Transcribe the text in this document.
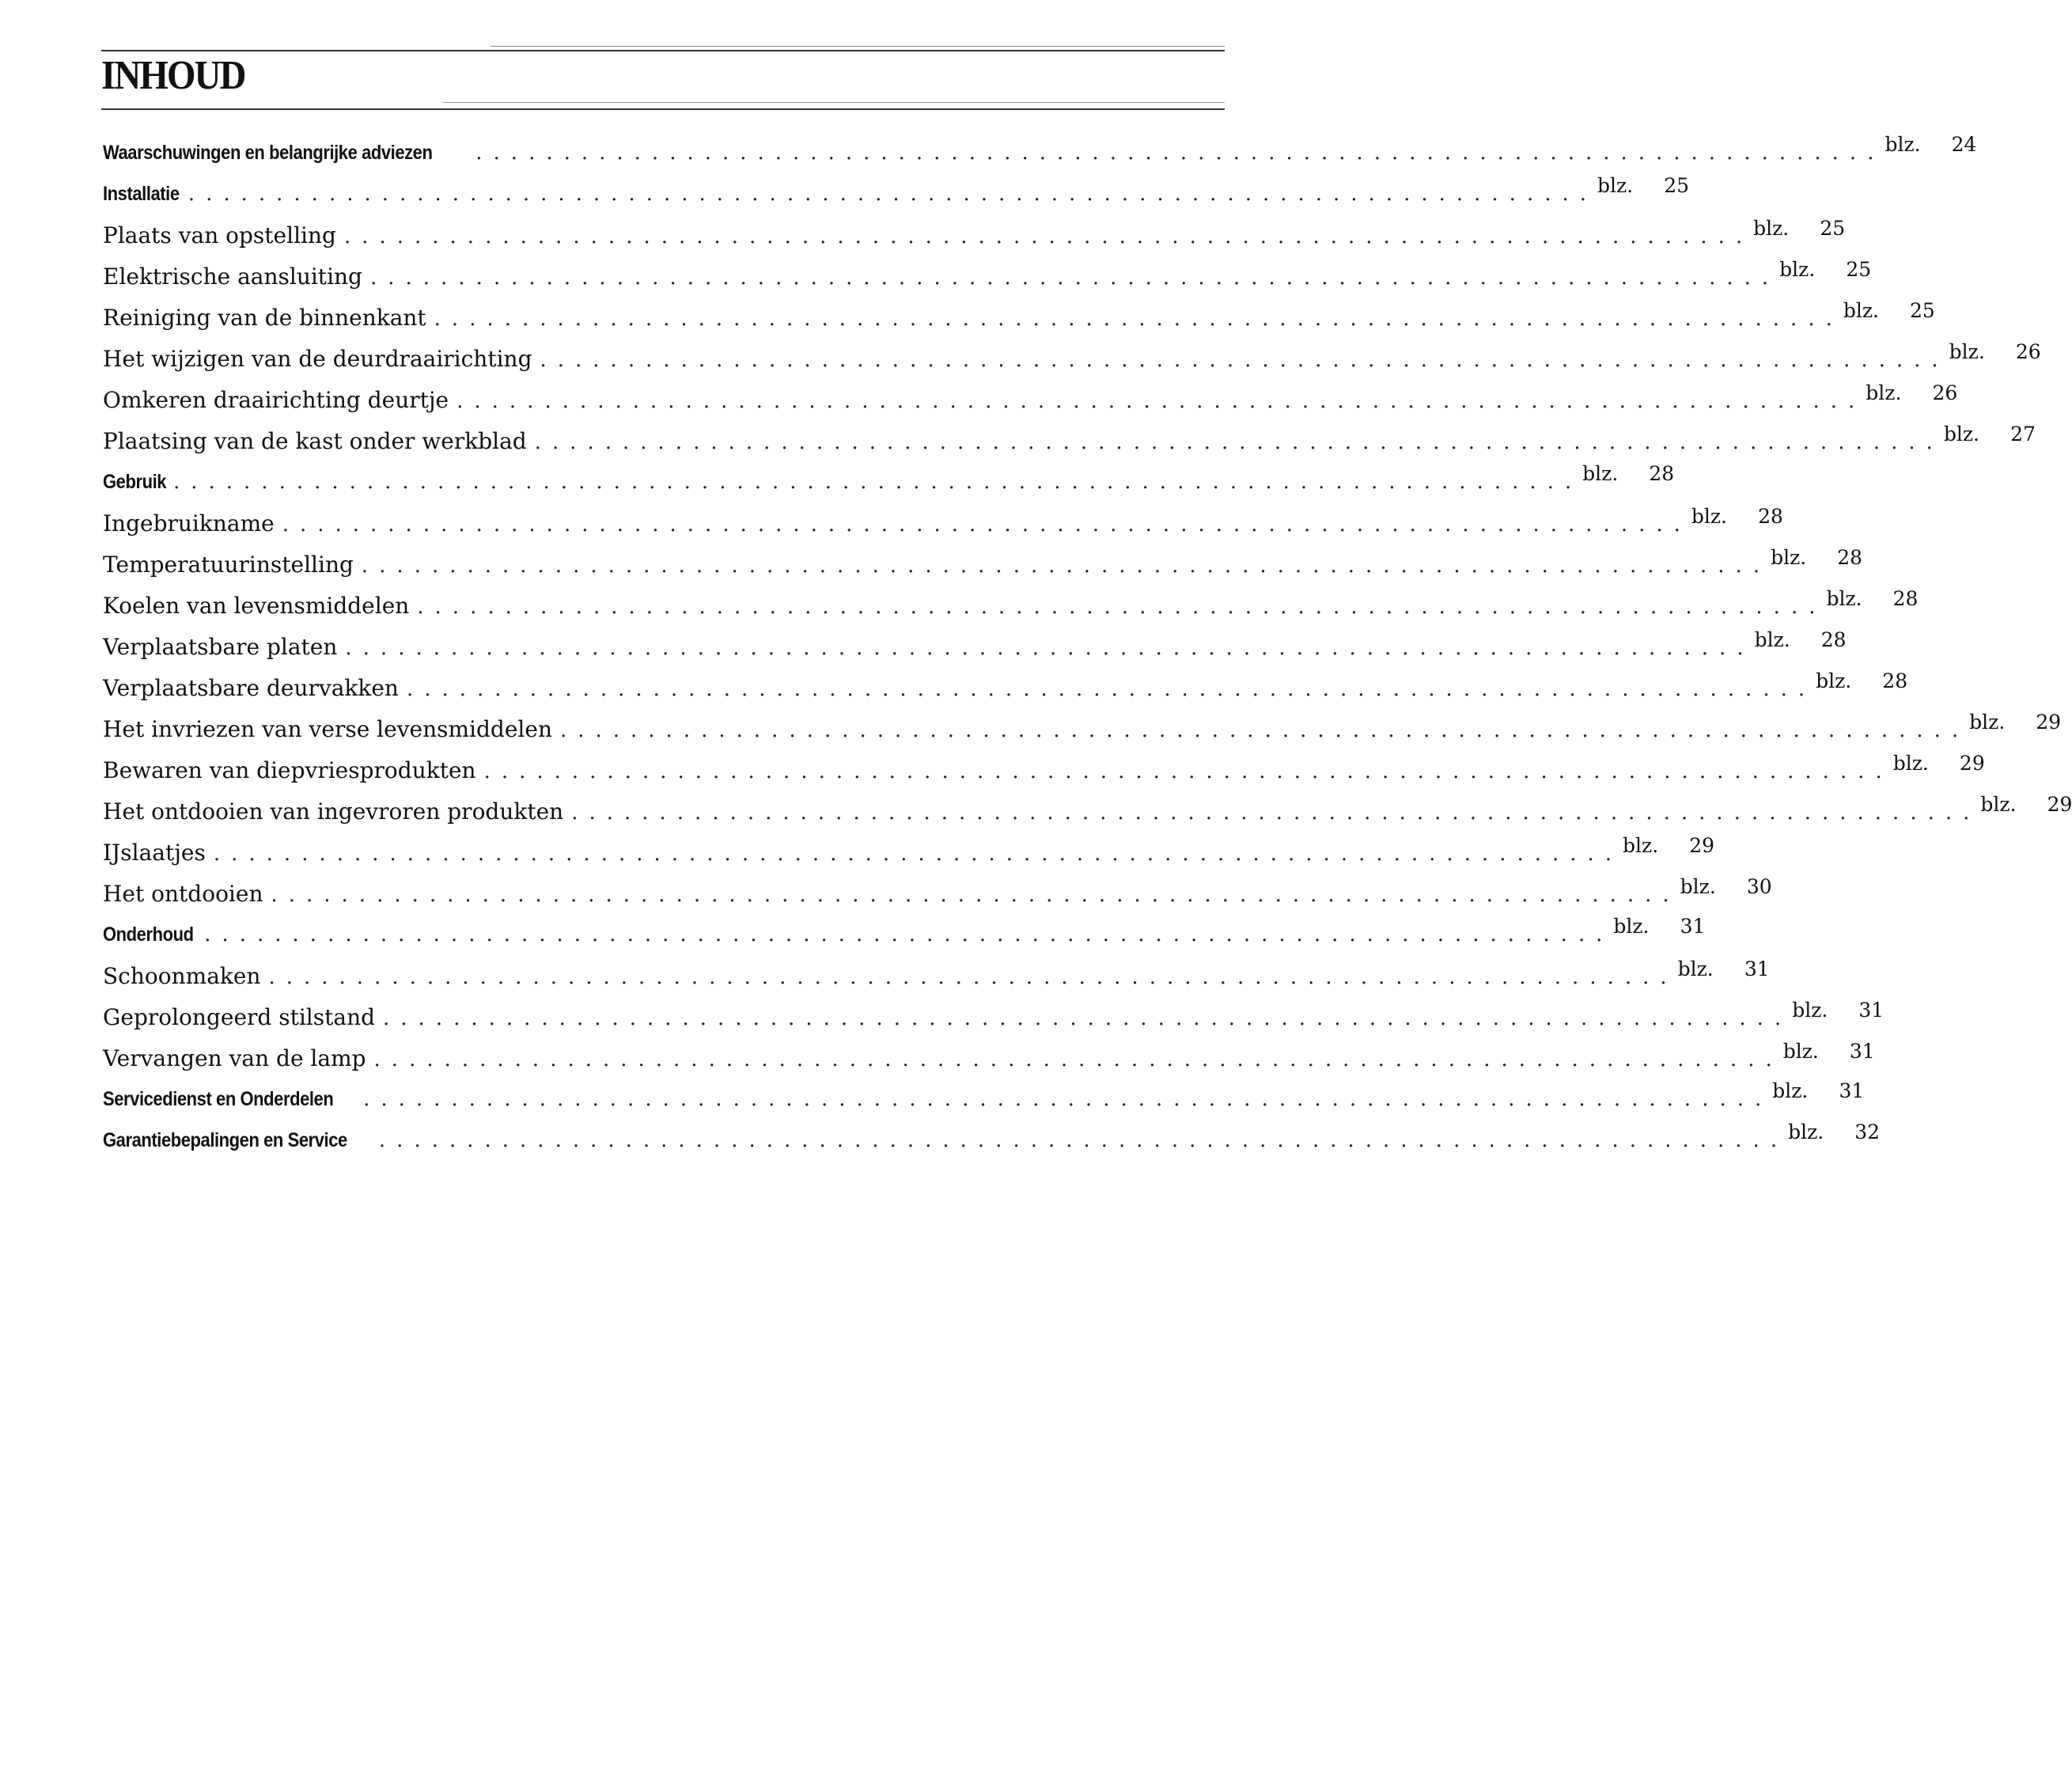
INHOUD
Waarschuwingen en belangrijke adviezen	................................................................................ blz.	24
Installatie ................................................................................ blz.	25
Plaats van opstelling ................................................................................ blz.	25
Elektrische aansluiting ................................................................................ blz.	25
Reiniging van de binnenkant ................................................................................ blz.	25
Het wijzigen van de deurdraairichting ................................................................................ blz.	26
Omkeren draairichting deurtje ................................................................................ blz.	26
Plaatsing van de kast onder werkblad ................................................................................ blz.	27
Gebruik ................................................................................ blz.	28
Ingebruikname ................................................................................ blz.	28
Temperatuurinstelling ................................................................................ blz.	28
Koelen van levensmiddelen ................................................................................ blz.	28
Verplaatsbare platen ................................................................................ blz.	28
Verplaatsbare deurvakken ................................................................................ blz.	28
Het invriezen van verse levensmiddelen ................................................................................ blz.	29
Bewaren van diepvriesprodukten ................................................................................ blz.	29
Het ontdooien van ingevroren produkten ................................................................................ blz.	29
IJslaatjes ................................................................................ blz.	29
Het ontdooien ................................................................................ blz.	30
Onderhoud ................................................................................ blz.	31
Schoonmaken ................................................................................ blz.	31
Geprolongeerd stilstand ................................................................................ blz.	31
Vervangen van de lamp ................................................................................ blz.	31
Servicedienst en Onderdelen	................................................................................ blz.	31
Garantiebepalingen en Service	................................................................................ blz.	32
